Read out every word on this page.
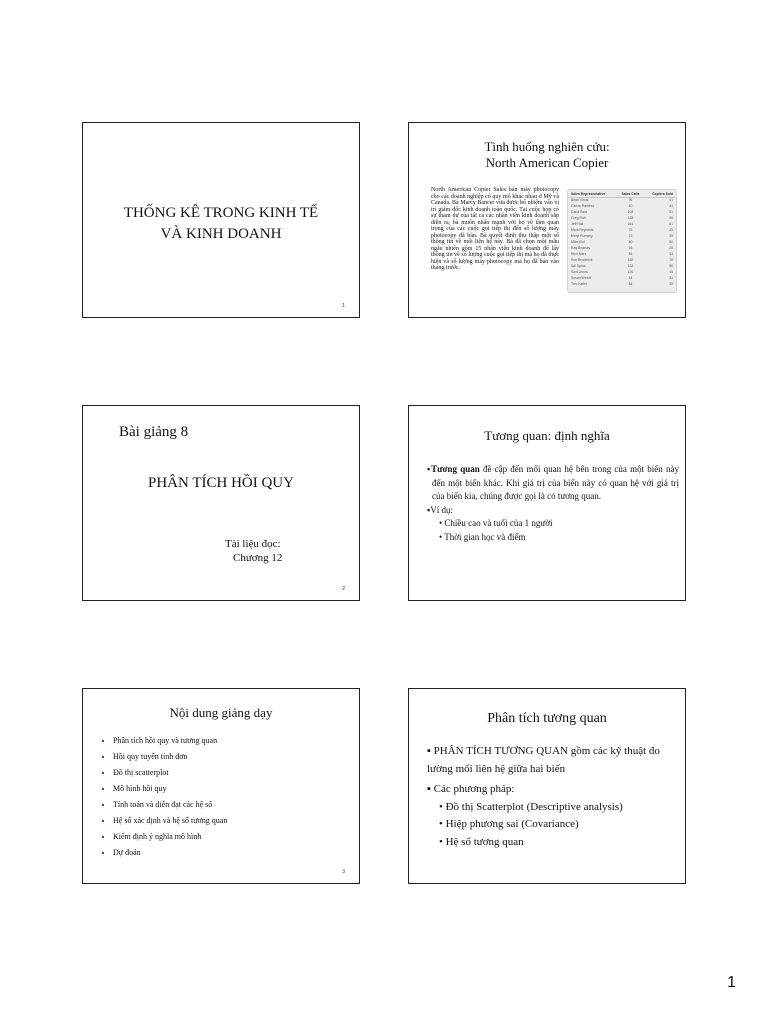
THỐNG KÊ TRONG KINH TẾ
VÀ KINH DOANH
1
Tình huống nghiên cứu:
North American Copier
North American Copier Sales bán máy photocopy cho các doanh nghiệp có quy mô khác nhau ở Mỹ và Canada. Bà Marcy Bancer vừa được bổ nhiệm vào vị trí giám đốc kinh doanh toàn quốc. Tại cuộc họp có sự tham dự của tất cả các nhân viên kinh doanh sắp diễn ra, bà muốn nhấn mạnh với họ về tầm quan trọng của các cuộc gọi tiếp thị đến số lượng máy photocopy đã bán. Bà quyết định thu thập một số thông tin về mối liên hệ này. Bà đã chọn một mẫu ngẫu nhiên gồm 15 nhân viên kinh doanh để lấy thông tin về số lượng cuộc gọi tiếp thị mà họ đã thực hiện và số lượng máy photocopy mà họ đã bán vào tháng trước.
Sales Representative	Sales Calls	Copiers Sold
Brian Virost	96	41
Carlos Ramirez	40	41
Carol Saia	104	51
Greg Fish	128	60
Jeff Hall	164	61
Mark Reynolds	76	29
Meryl Rumsey	72	39
Mike Kiel	80	50
Ray Snarsky	36	28
Rich Niles	84	43
Ron Broderick	180	70
Sal Spina	132	56
Soni Jones	120	45
Susan Welch	44	31
Tom Keller	84	30
Bài giảng 8
PHÂN TÍCH HỒI QUY
Tài liệu đọc:
Chương 12
2
Tương quan: định nghĩa
▪Tương quan đề cập đến mối quan hệ bên trong của một biến này đến một biến khác. Khi giá trị của biến này có quan hệ với giá trị của biến kia, chúng được gọi là có tương quan.
▪Ví dụ:
• Chiều cao và tuổi của 1 người
• Thời gian học và điểm
Nội dung giảng dạy
• Phân tích hồi quy và tương quan
• Hồi quy tuyến tính đơn
• Đồ thị scatterplot
• Mô hình hồi quy
• Tính toán và diễn đạt các hệ số
• Hệ số xác định và hệ số tương quan
• Kiểm định ý nghĩa mô hình
• Dự đoán
3
Phân tích tương quan
▪ PHÂN TÍCH TƯƠNG QUAN gồm các kỹ thuật đo lường mối liên hệ giữa hai biến
▪ Các phương pháp:
• Đồ thị Scatterplot (Descriptive analysis)
• Hiệp phương sai (Covariance)
• Hệ số tương quan
1
